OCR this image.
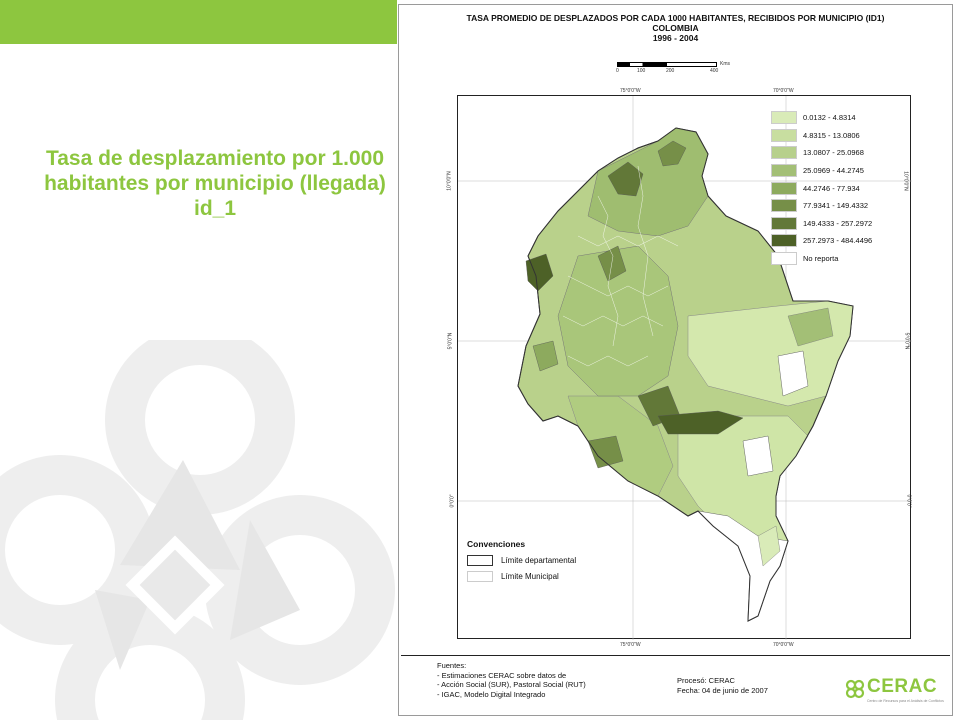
Tasa de desplazamiento por 1.000 habitantes por municipio (llegada) id_1
TASA PROMEDIO DE DESPLAZADOS POR CADA 1000 HABITANTES, RECIBIDOS POR MUNICIPIO (ID1)
COLOMBIA
1996 - 2004
0	100	200	400
Kms
75°0'0"W	70°0'0"W
75°0'0"W	70°0'0"W
10°0'0"N
5°0'0"N
0°0'0"
10°0'0"N
5°0'0"N
0°0'0"
0.0132 - 4.8314
4.8315 - 13.0806
13.0807 - 25.0968
25.0969 - 44.2745
44.2746 - 77.934
77.9341 - 149.4332
149.4333 - 257.2972
257.2973 - 484.4496
No reporta
Convenciones
Límite departamental
Límite Municipal
Fuentes:
- Estimaciones CERAC sobre datos de
- Acción Social (SUR), Pastoral Social (RUT)
- IGAC, Modelo Digital Integrado
Procesó: CERAC
Fecha: 04 de junio de 2007	CERAC
Centro de Recursos para el Análisis de Conflictos
